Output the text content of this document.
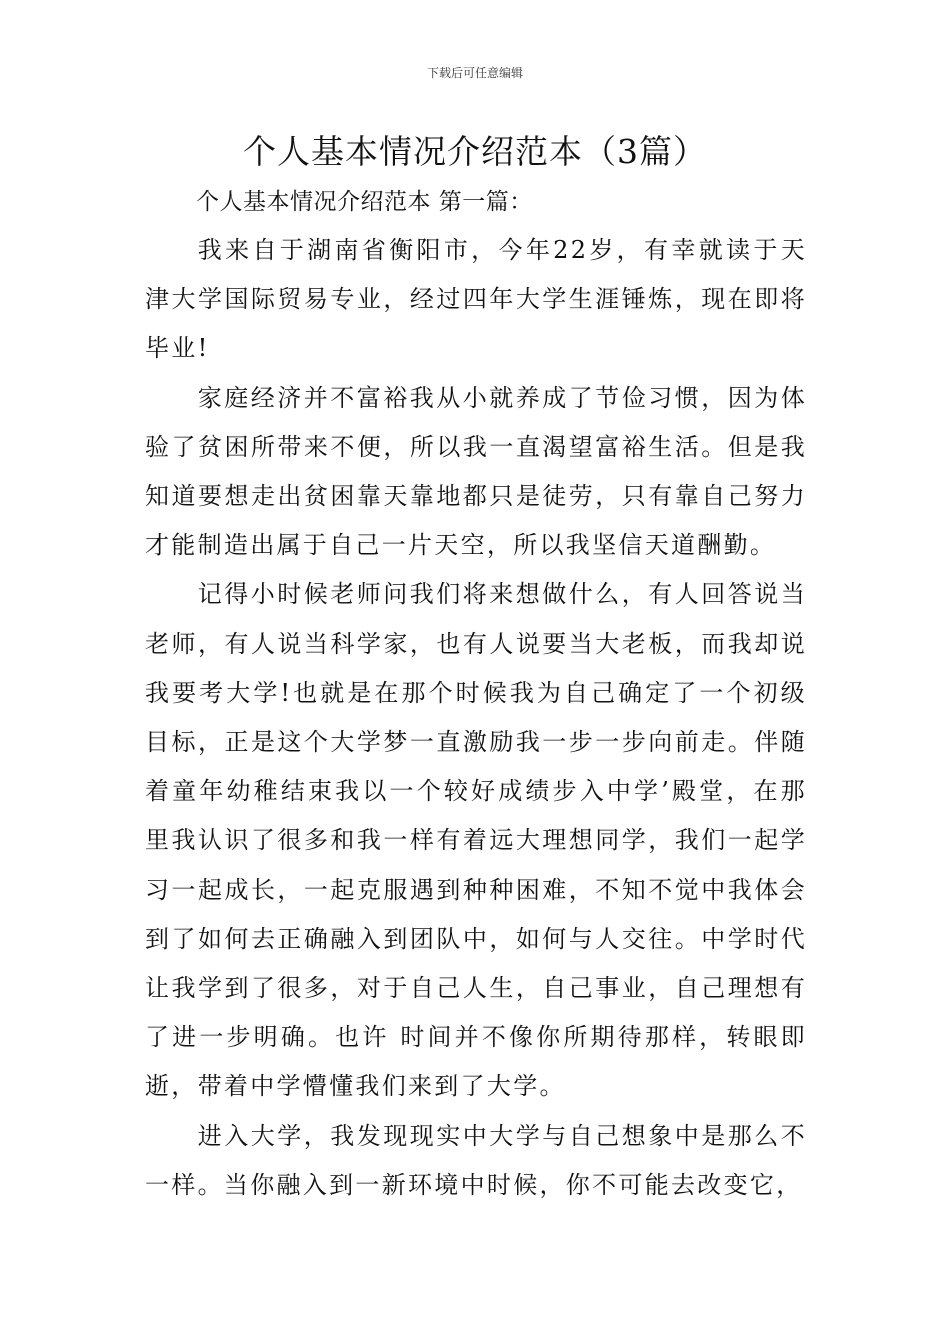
下载后可任意编辑
个人基本情况介绍范本（3篇）
个人基本情况介绍范本 第一篇：

我来自于湖南省衡阳市，今年22岁，有幸就读于天津大学国际贸易专业，经过四年大学生涯锤炼，现在即将毕业!

家庭经济并不富裕我从小就养成了节俭习惯，因为体验了贫困所带来不便，所以我一直渴望富裕生活。但是我知道要想走出贫困靠天靠地都只是徒劳，只有靠自己努力才能制造出属于自己一片天空，所以我坚信天道酬勤。

记得小时候老师问我们将来想做什么，有人回答说当老师，有人说当科学家，也有人说要当大老板，而我却说我要考大学!也就是在那个时候我为自己确定了一个初级目标，正是这个大学梦一直激励我一步一步向前走。伴随着童年幼稚结束我以一个较好成绩步入中学’殿堂，在那里我认识了很多和我一样有着远大理想同学，我们一起学习一起成长，一起克服遇到种种困难，不知不觉中我体会到了如何去正确融入到团队中，如何与人交往。中学时代让我学到了很多，对于自己人生，自己事业，自己理想有了进一步明确。也许 时间并不像你所期待那样，转眼即逝，带着中学懵懂我们来到了大学。

进入大学，我发现现实中大学与自己想象中是那么不一样。当你融入到一新环境中时候，你不可能去改变它，
